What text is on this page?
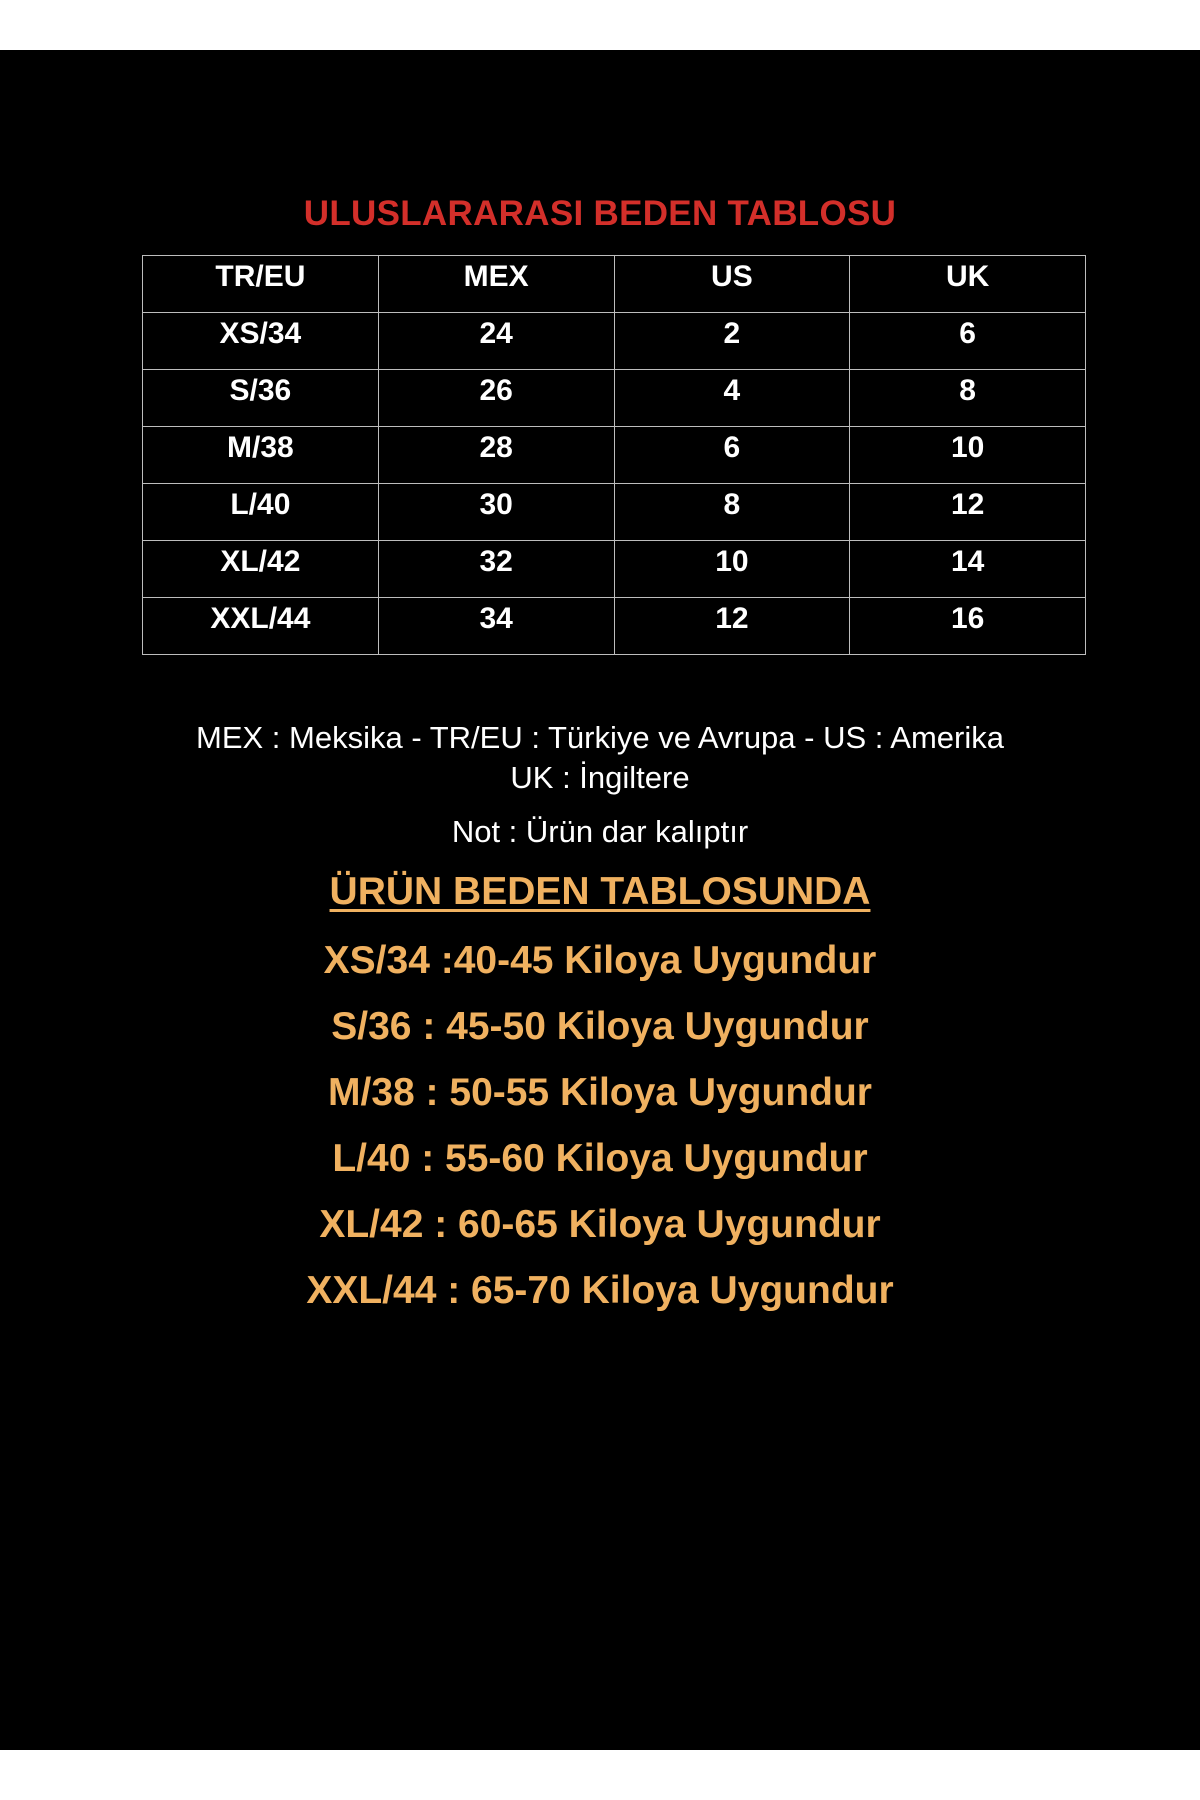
ULUSLARARASI BEDEN TABLOSU
TR/EU	MEX	US	UK
XS/34	24	2	6
S/36	26	4	8
M/38	28	6	10
L/40	30	8	12
XL/42	32	10	14
XXL/44	34	12	16
MEX : Meksika - TR/EU : Türkiye ve Avrupa - US : Amerika
UK : İngiltere
Not : Ürün dar kalıptır
ÜRÜN BEDEN TABLOSUNDA
XS/34 :40-45 Kiloya Uygundur
S/36 : 45-50 Kiloya Uygundur
M/38 : 50-55 Kiloya Uygundur
L/40 : 55-60 Kiloya Uygundur
XL/42 : 60-65 Kiloya Uygundur
XXL/44 : 65-70 Kiloya Uygundur
